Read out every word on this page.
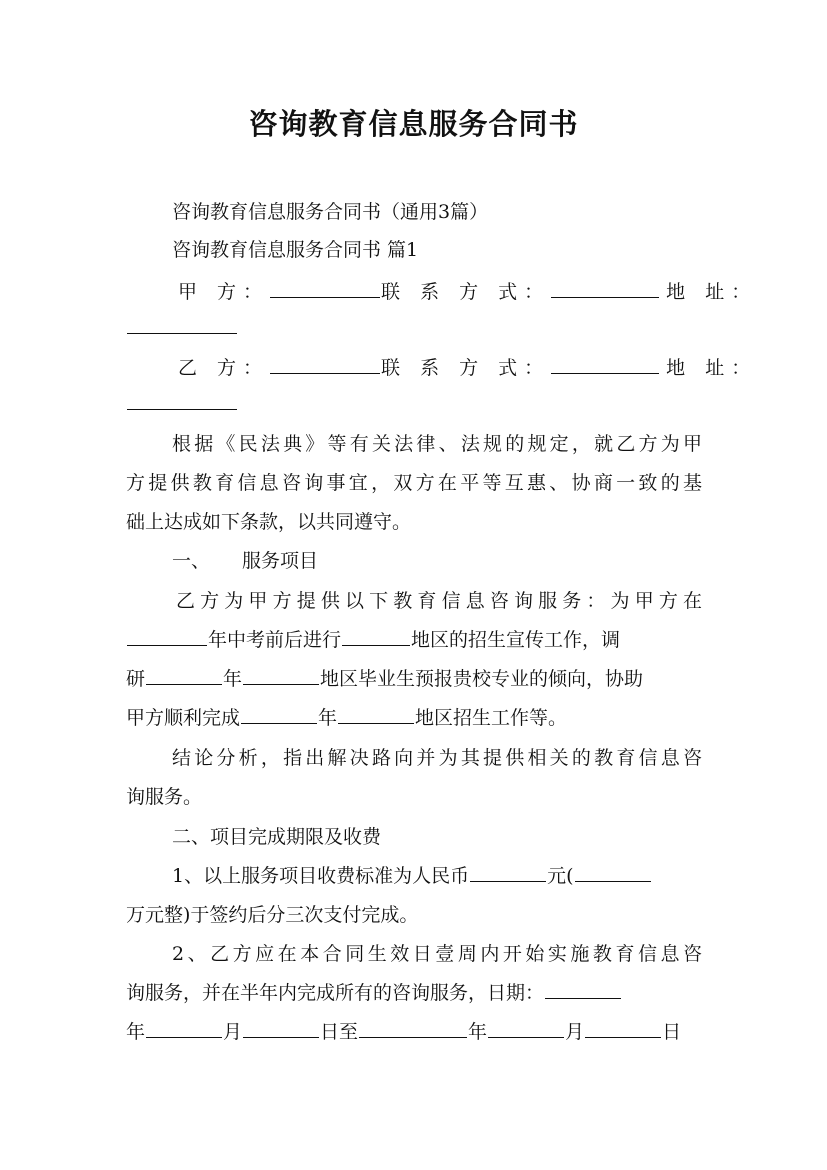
咨询教育信息服务合同书
咨询教育信息服务合同书（通用3篇）
咨询教育信息服务合同书 篇1
甲 方：	联 系 方 式：	地 址：
乙 方：	联 系 方 式：	地 址：
根据《民法典》等有关法律、法规的规定，就乙方为甲
方提供教育信息咨询事宜，双方在平等互惠、协商一致的基
础上达成如下条款，以共同遵守。
一、 服务项目
乙方为甲方提供以下教育信息咨询服务：为甲方在
年中考前后进行	地区的招生宣传工作，调
研	年	地区毕业生预报贵校专业的倾向，协助
甲方顺利完成	年	地区招生工作等。
结论分析，指出解决路向并为其提供相关的教育信息咨
询服务。
二、项目完成期限及收费
1、以上服务项目收费标准为人民币	元(
万元整)于签约后分三次支付完成。
2、乙方应在本合同生效日壹周内开始实施教育信息咨
询服务，并在半年内完成所有的咨询服务，日期：
年	月	日至	年	月	日
